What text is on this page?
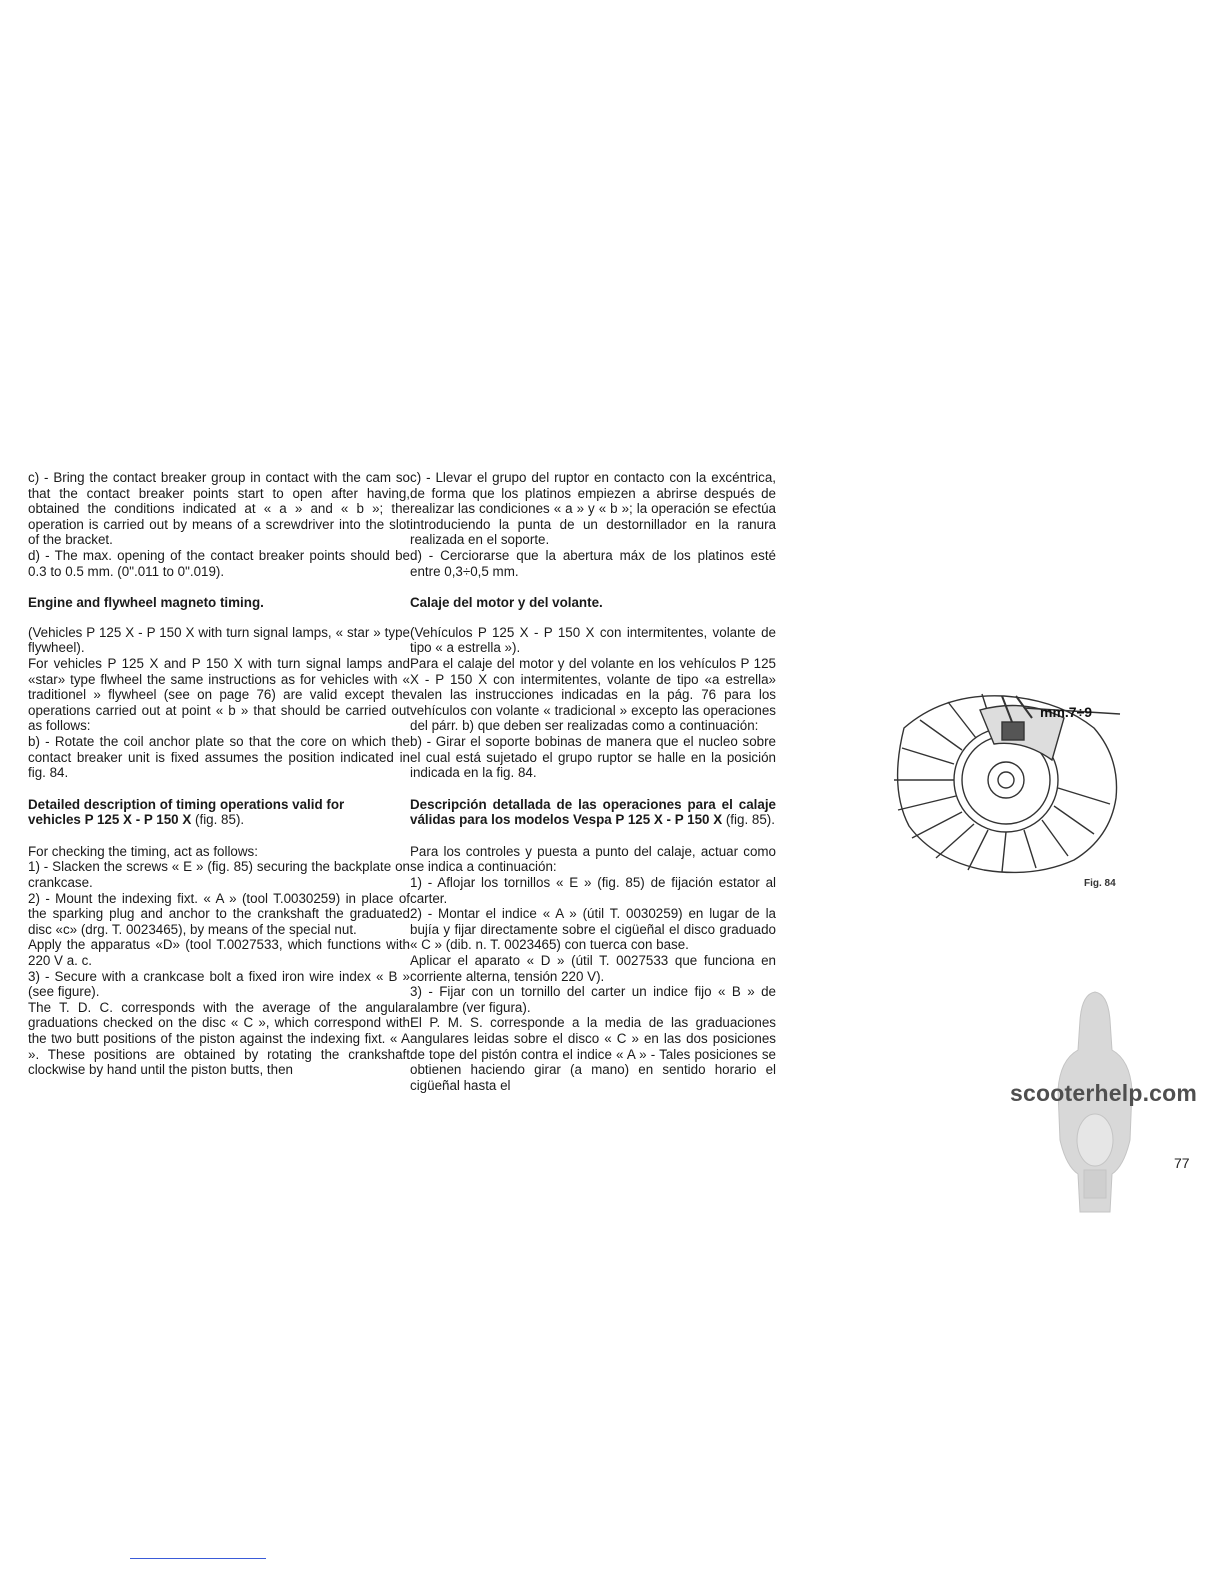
c) - Bring the contact breaker group in contact with the cam so that the contact breaker points start to open after having, obtained the conditions indicated at « a » and « b »; the operation is carried out by means of a screwdriver into the slot of the bracket.

d) - The max. opening of the contact breaker points should be 0.3 to 0.5 mm. (0".011 to 0".019).

Engine and flywheel magneto timing.

(Vehicles P 125 X - P 150 X with turn signal lamps, « star » type flywheel).

For vehicles P 125 X and P 150 X with turn signal lamps and «star» type flwheel the same instructions as for vehicles with « traditionel » flywheel (see on page 76) are valid except the operations carried out at point « b » that should be carried out as follows:

b) - Rotate the coil anchor plate so that the core on which the contact breaker unit is fixed assumes the position indicated in fig. 84.

Detailed description of timing operations valid for
vehicles P 125 X - P 150 X (fig. 85).

For checking the timing, act as follows:

1) - Slacken the screws « E » (fig. 85) securing the backplate on crankcase.

2) - Mount the indexing fixt. « A » (tool T.0030259) in place of the sparking plug and anchor to the crankshaft the graduated disc «c» (drg. T. 0023465), by means of the special nut.

Apply the apparatus «D» (tool T.0027533, which functions with 220 V a. c.

3) - Secure with a crankcase bolt a fixed iron wire index « B » (see figure).

The T. D. C. corresponds with the average of the angular graduations checked on the disc « C », which correspond with the two butt positions of the piston against the indexing fixt. « A ». These positions are obtained by rotating the crankshaft clockwise by hand until the piston butts, then

c) - Llevar el grupo del ruptor en contacto con la excéntrica, de forma que los platinos empiezen a abrirse después de realizar las condiciones « a » y « b »; la operación se efectúa introduciendo la punta de un destornillador en la ranura realizada en el soporte.

d) - Cerciorarse que la abertura máx de los platinos esté entre 0,3÷0,5 mm.

Calaje del motor y del volante.

(Vehículos P 125 X - P 150 X con intermitentes, volante de tipo « a estrella »).

Para el calaje del motor y del volante en los vehículos P 125 X - P 150 X con intermitentes, volante de tipo «a estrella» valen las instrucciones indicadas en la pág. 76 para los vehículos con volante « tradicional » excepto las operaciones del párr. b) que deben ser realizadas como a continuación:

b) - Girar el soporte bobinas de manera que el nucleo sobre el cual está sujetado el grupo ruptor se halle en la posición indicada en la fig. 84.

Descripción detallada de las operaciones para el calaje válidas para los modelos Vespa P 125 X - P 150 X (fig. 85).

Para los controles y puesta a punto del calaje, actuar como se indica a continuación:

1) - Aflojar los tornillos « E » (fig. 85) de fijación estator al carter.

2) - Montar el indice « A » (útil T. 0030259) en lugar de la bujía y fijar directamente sobre el cigüeñal el disco graduado « C » (dib. n. T. 0023465) con tuerca con base.

Aplicar el aparato « D » (útil T. 0027533 que funciona en corriente alterna, tensión 220 V).

3) - Fijar con un tornillo del carter un indice fijo « B » de alambre (ver figura).

El P. M. S. corresponde a la media de las graduaciones angulares leidas sobre el disco « C » en las dos posiciones de tope del pistón contra el indice « A » - Tales posiciones se obtienen haciendo girar (a mano) en sentido horario el cigüeñal hasta el

mm.7÷9
Fig. 84
scooterhelp.com
77
